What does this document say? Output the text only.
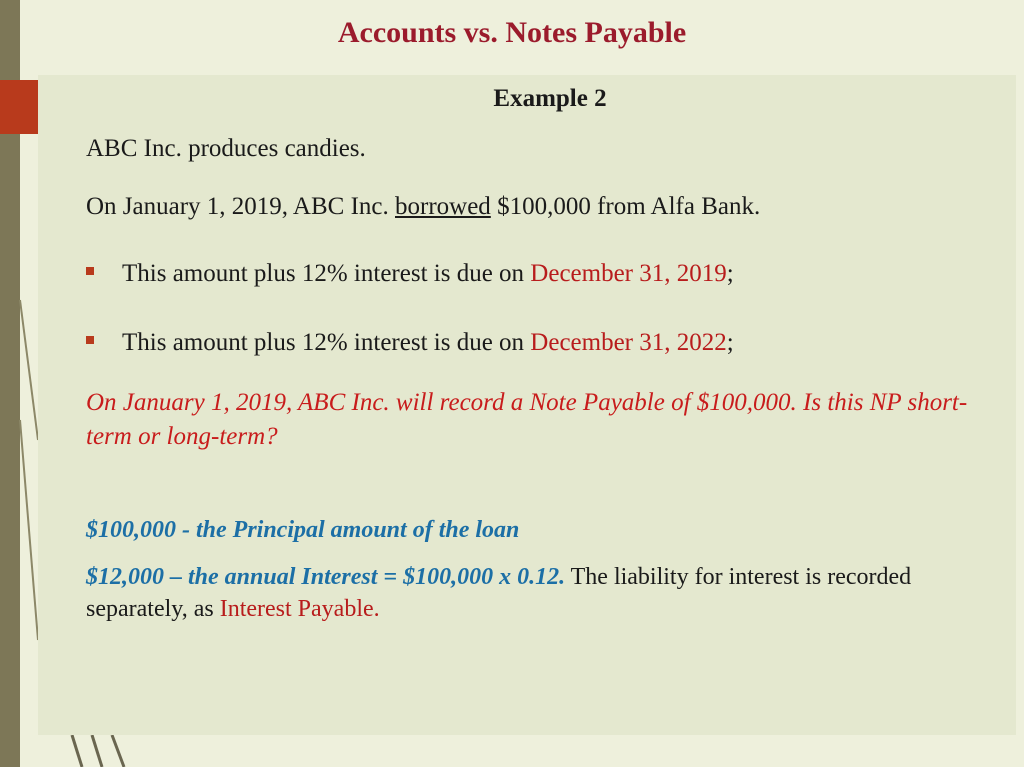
Accounts vs. Notes Payable
Example 2
ABC Inc. produces candies.
On January 1, 2019, ABC Inc. borrowed $100,000 from Alfa Bank.
This amount plus 12% interest is due on December 31, 2019;
This amount plus 12% interest is due on December 31, 2022;
On January 1, 2019, ABC Inc. will record a Note Payable of $100,000. Is this NP short-term or long-term?
$100,000 - the Principal amount of the loan
$12,000 – the annual Interest = $100,000 x 0.12. The liability for interest is recorded separately, as Interest Payable.
